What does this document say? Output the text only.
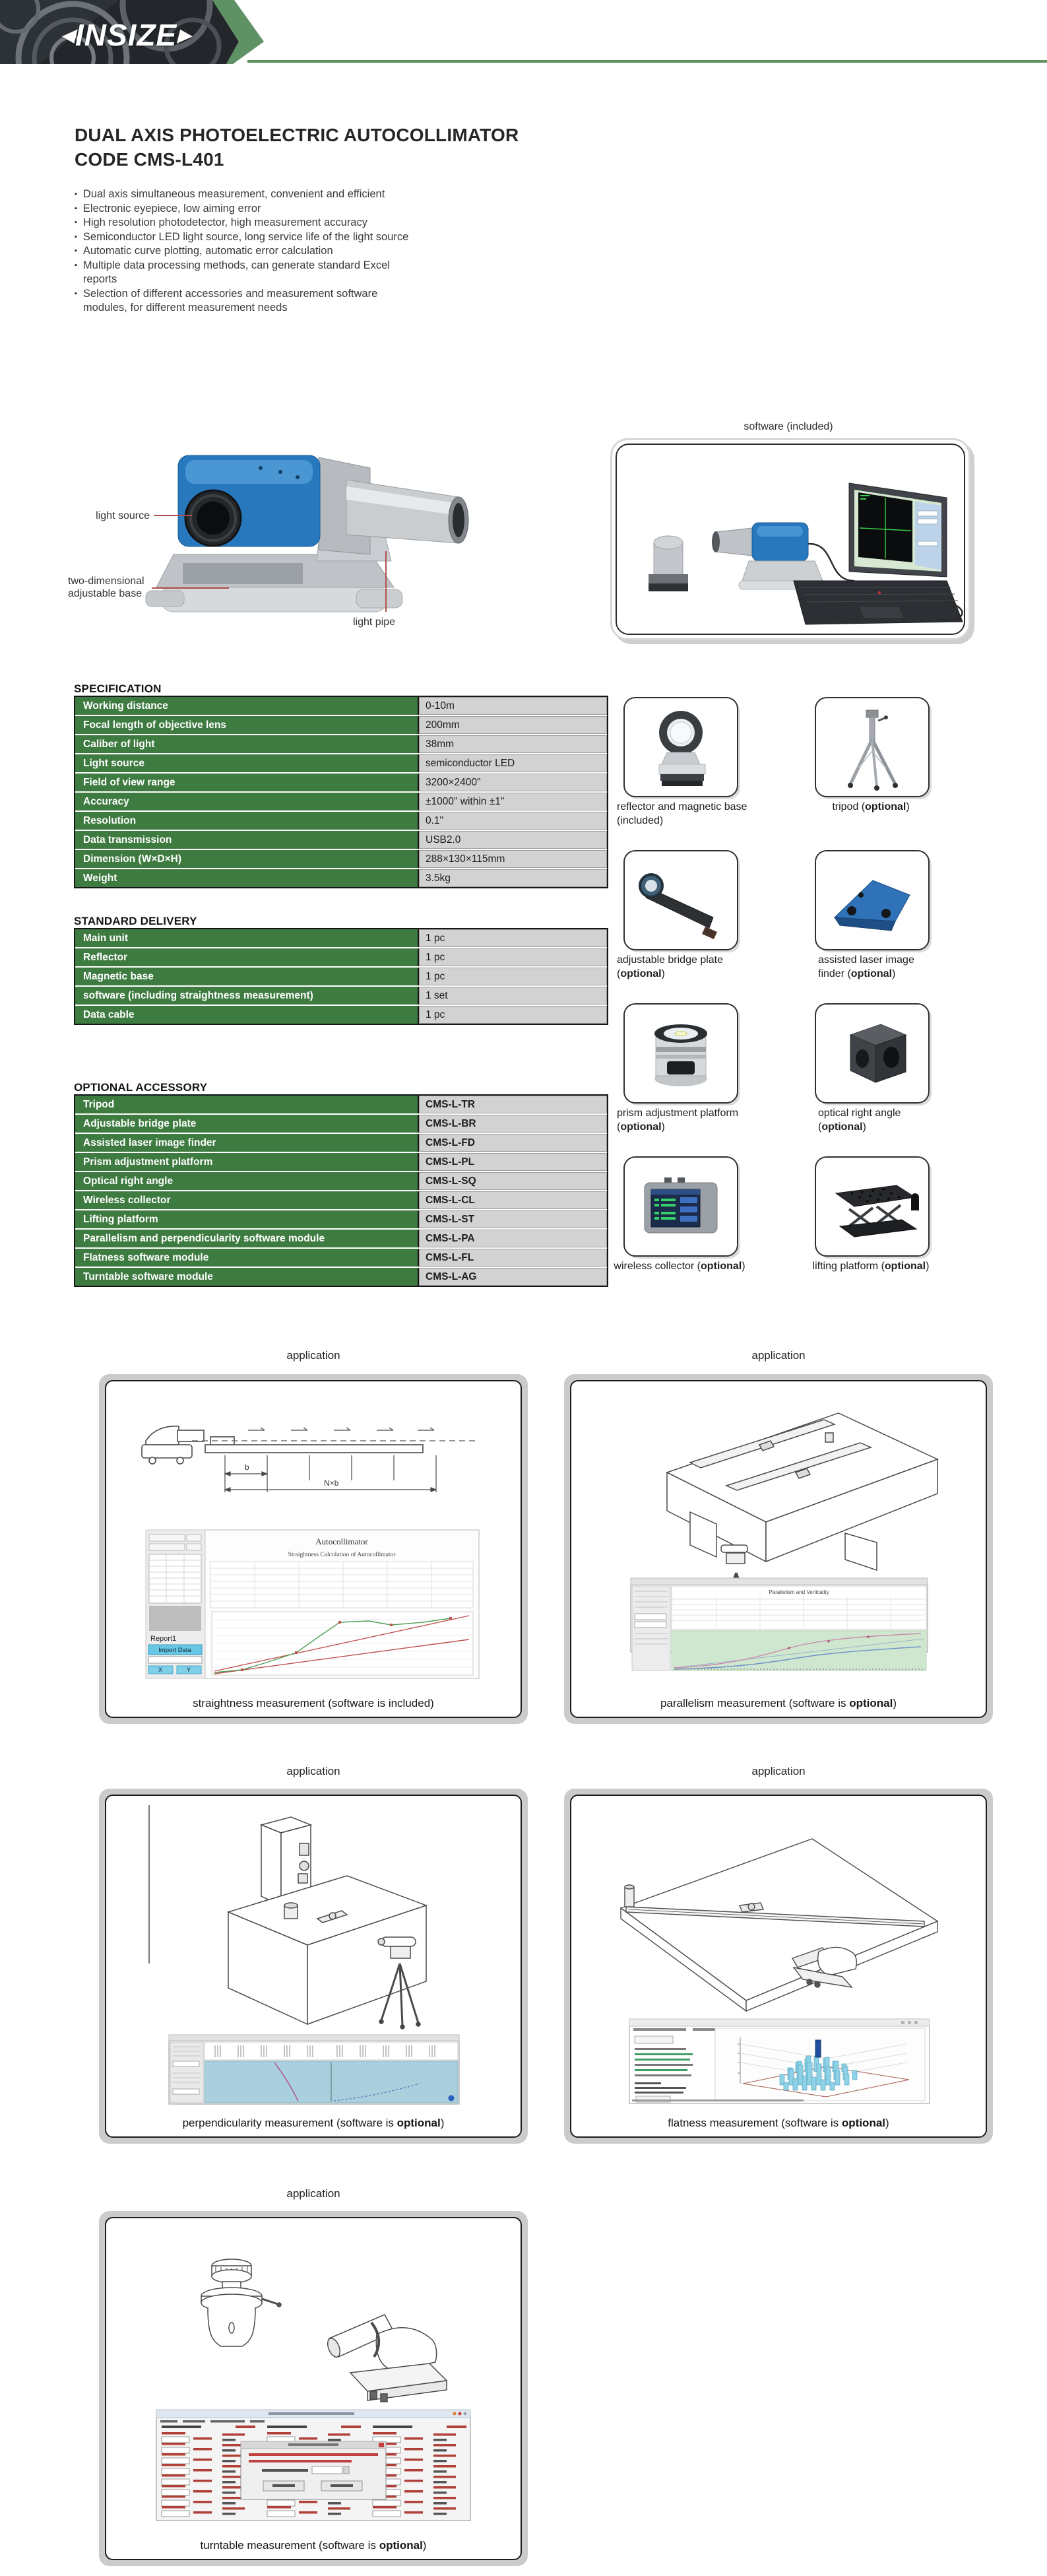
◀ INSIZE ▶
DUAL AXIS PHOTOELECTRIC AUTOCOLLIMATOR
CODE CMS-L401
▪ Dual axis simultaneous measurement, convenient and efficient
▪ Electronic eyepiece, low aiming error
▪ High resolution photodetector, high measurement accuracy
▪ Semiconductor LED light source, long service life of the light source
▪ Automatic curve plotting, automatic error calculation
▪ Multiple data processing methods, can generate standard Excel reports
▪ Selection of different accessories and measurement software modules, for different measurement needs
light source
two-dimensional
adjustable base
light pipe
software (included)
SPECIFICATION
Working distance	0-10m
Focal length of objective lens	200mm
Caliber of light	38mm
Light source	semiconductor LED
Field of view range	3200×2400"
Accuracy	±1000" within ±1"
Resolution	0.1"
Data transmission	USB2.0
Dimension (W×D×H)	288×130×115mm
Weight	3.5kg
STANDARD DELIVERY
Main unit	1 pc
Reflector	1 pc
Magnetic base	1 pc
software (including straightness measurement)	1 set
Data cable	1 pc
OPTIONAL ACCESSORY
Tripod	CMS-L-TR
Adjustable bridge plate	CMS-L-BR
Assisted laser image finder	CMS-L-FD
Prism adjustment platform	CMS-L-PL
Optical right angle	CMS-L-SQ
Wireless collector	CMS-L-CL
Lifting platform	CMS-L-ST
Parallelism and perpendicularity software module	CMS-L-PA
Flatness software module	CMS-L-FL
Turntable software module	CMS-L-AG
reflector and magnetic base (included)
tripod (optional)
adjustable bridge plate (optional)
assisted laser image finder (optional)
prism adjustment platform (optional)
optical right angle (optional)
wireless collector (optional)	lifting platform (optional)
application
b
N×b
Report1
Import Data
X	Y
Autocollimator
Straightness Calculation of Autocollimator
straightness measurement (software is included)
application
Parallelism and Verticality
parallelism measurement (software is optional)
application
perpendicularity measurement (software is optional)
application
flatness measurement (software is optional)
application
turntable measurement (software is optional)
